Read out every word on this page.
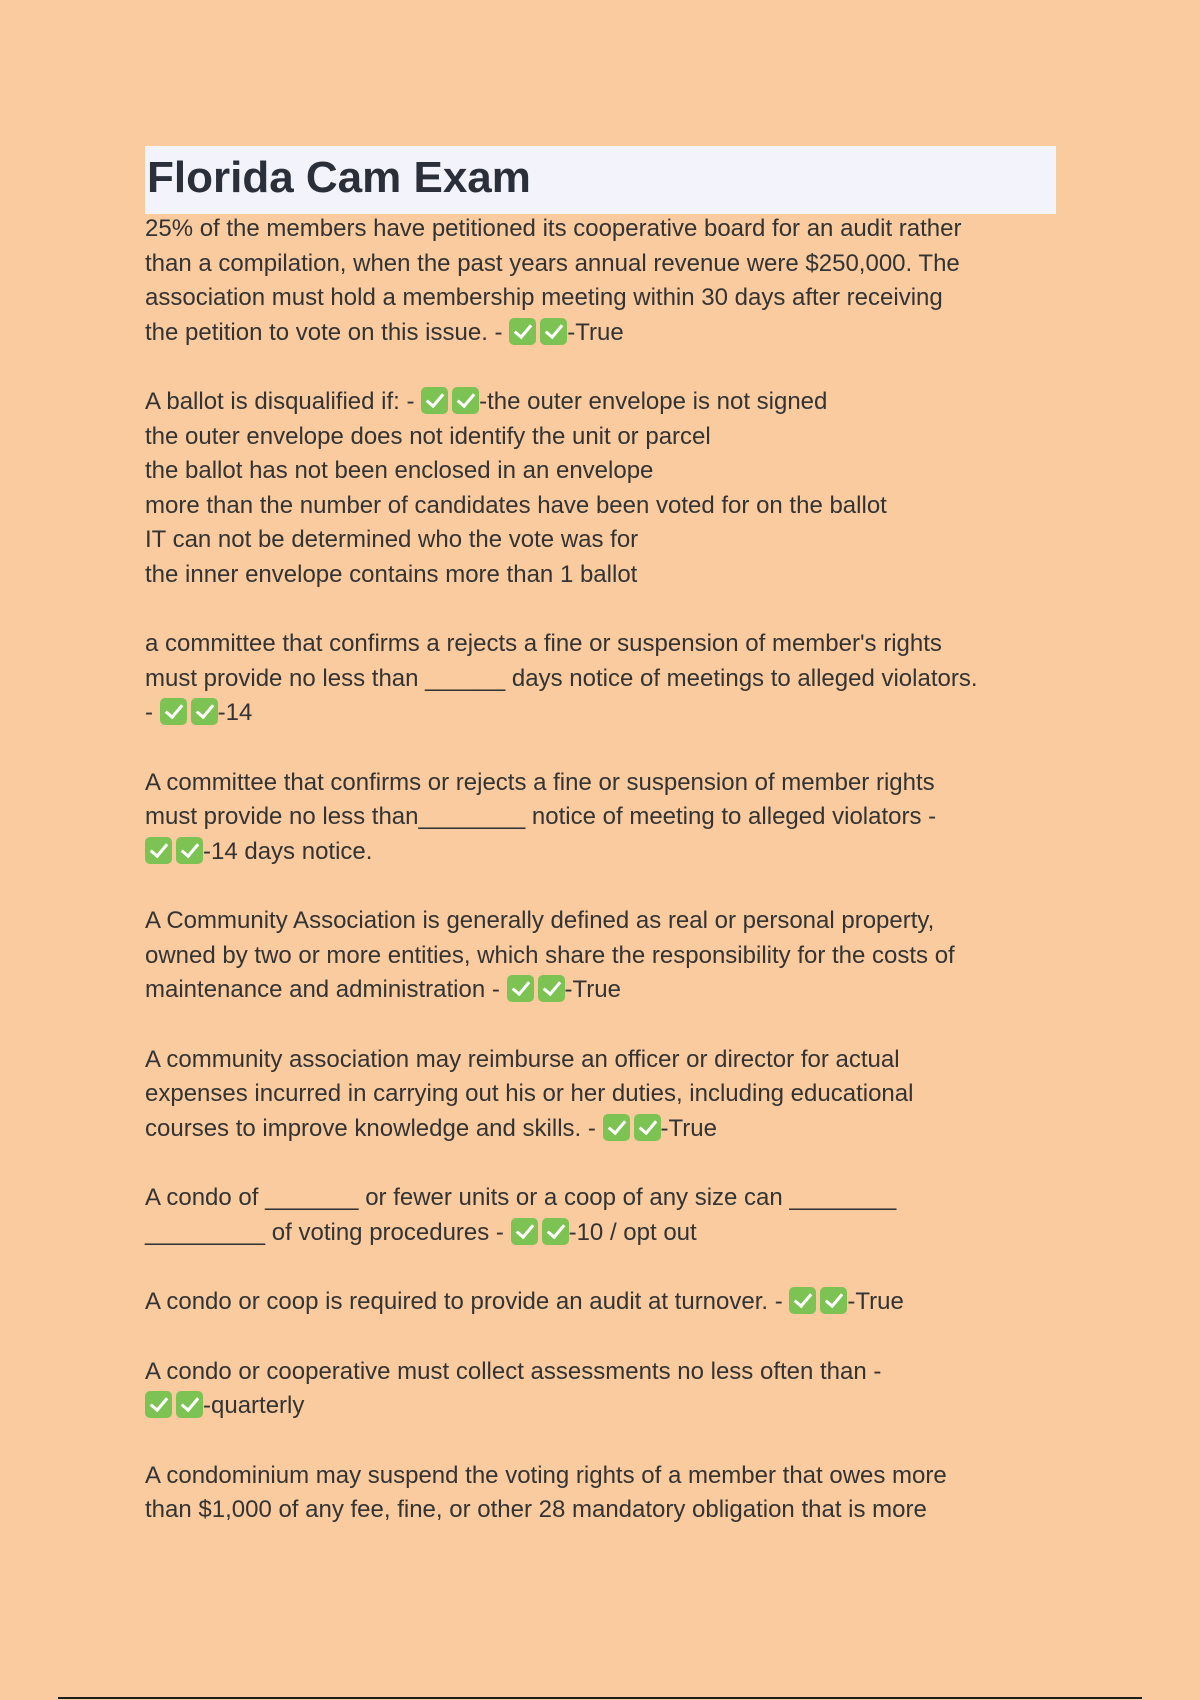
Florida Cam Exam
25% of the members have petitioned its cooperative board for an audit rather
than a compilation, when the past years annual revenue were $250,000. The
association must hold a membership meeting within 30 days after receiving
the petition to vote on this issue. - -True
A ballot is disqualified if: - -the outer envelope is not signed
the outer envelope does not identify the unit or parcel
the ballot has not been enclosed in an envelope
more than the number of candidates have been voted for on the ballot
IT can not be determined who the vote was for
the inner envelope contains more than 1 ballot
a committee that confirms a rejects a fine or suspension of member's rights
must provide no less than ______ days notice of meetings to alleged violators.
- -14
A committee that confirms or rejects a fine or suspension of member rights
must provide no less than________ notice of meeting to alleged violators -
-14 days notice.
A Community Association is generally defined as real or personal property,
owned by two or more entities, which share the responsibility for the costs of
maintenance and administration - -True
A community association may reimburse an officer or director for actual
expenses incurred in carrying out his or her duties, including educational
courses to improve knowledge and skills. - -True
A condo of _______ or fewer units or a coop of any size can ________
_________ of voting procedures - -10 / opt out
A condo or coop is required to provide an audit at turnover. - -True
A condo or cooperative must collect assessments no less often than -
-quarterly
A condominium may suspend the voting rights of a member that owes more
than $1,000 of any fee, fine, or other 28 mandatory obligation that is more
